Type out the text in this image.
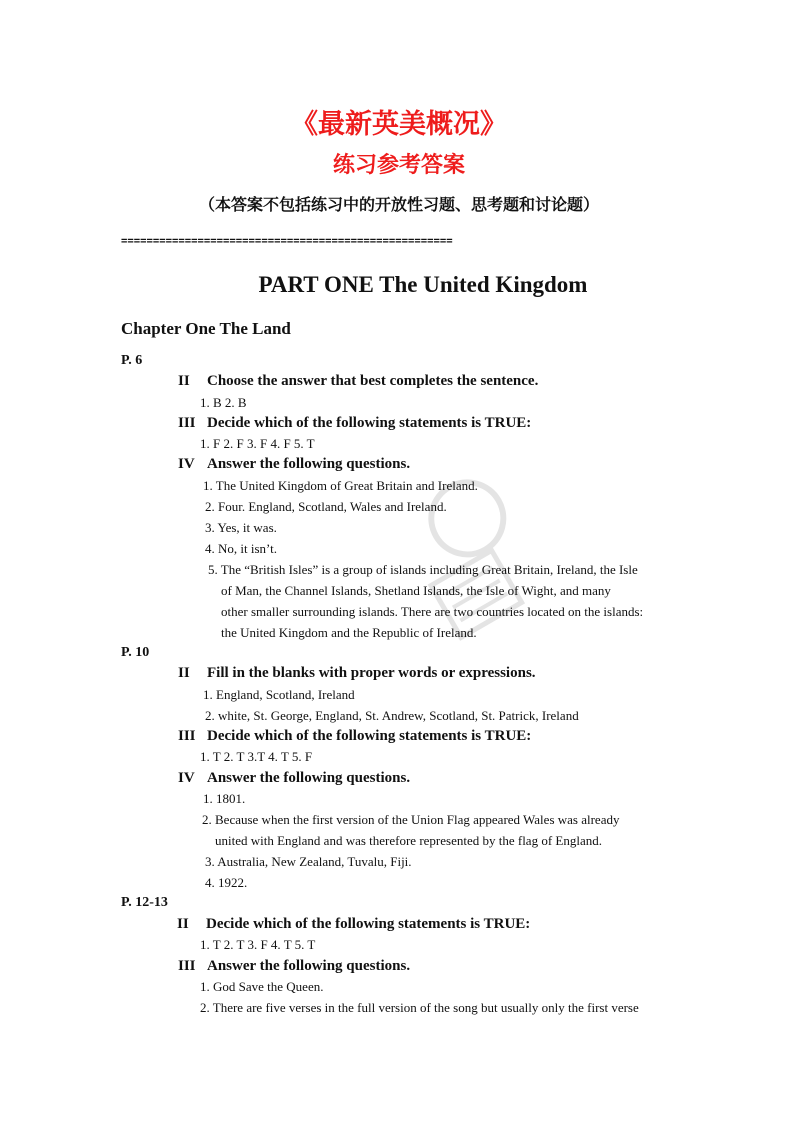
《最新英美概况》
练习参考答案
（本答案不包括练习中的开放性习题、思考题和讨论题）
====================================================
PART ONE The United Kingdom
Chapter One The Land
P. 6
II Choose the answer that best completes the sentence.
1. B 2. B
III Decide which of the following statements is TRUE:
1. F 2. F 3. F 4. F 5. T
IV Answer the following questions.
1. The United Kingdom of Great Britain and Ireland.
2. Four. England, Scotland, Wales and Ireland.
3. Yes, it was.
4. No, it isn’t.
5. The “British Isles” is a group of islands including Great Britain, Ireland, the Isle
of Man, the Channel Islands, Shetland Islands, the Isle of Wight, and many
other smaller surrounding islands. There are two countries located on the islands:
the United Kingdom and the Republic of Ireland.
P. 10
II Fill in the blanks with proper words or expressions.
1. England, Scotland, Ireland
2. white, St. George, England, St. Andrew, Scotland, St. Patrick, Ireland
III Decide which of the following statements is TRUE:
1. T 2. T 3.T 4. T 5. F
IV Answer the following questions.
1. 1801.
2. Because when the first version of the Union Flag appeared Wales was already
united with England and was therefore represented by the flag of England.
3. Australia, New Zealand, Tuvalu, Fiji.
4. 1922.
P. 12-13
II Decide which of the following statements is TRUE:
1. T 2. T 3. F 4. T 5. T
III Answer the following questions.
1. God Save the Queen.
2. There are five verses in the full version of the song but usually only the first verse
